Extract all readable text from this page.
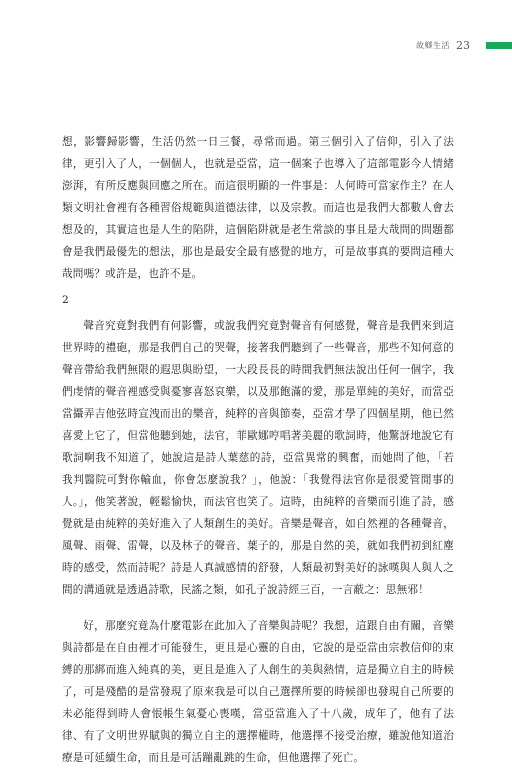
故鄉生活 23

想，影響歸影響，生活仍然一日三餐，尋常而過。第三個引入了信仰，引入了法律，更引入了人，一個個人，也就是亞當，這一個案子也導入了這部電影今人情緒澎湃，有所反應與回應之所在。而這很明顯的一件事是：人何時可當家作主？在人類文明社會裡有各種習俗規範與道德法律，以及宗教。而這也是我們大都數人會去想及的，其實這也是人生的陷阱，這個陷阱就是老生常談的事且是大哉問的問題都會是我們最優先的想法，那也是最安全最有感覺的地方，可是故事真的要問這種大哉問嗎？或許是，也許不是。

2

聲音究竟對我們有何影響，或說我們究竟對聲音有何感覺，聲音是我們來到這世界時的禮砲，那是我們自己的哭聲，接著我們聽到了一些聲音，那些不知何意的聲音帶給我們無限的遐思與盼望，一大段長長的時間我們無法說出任何一個字，我們虔情的聲音裡感受與憂寥喜怒哀樂，以及那飽滿的愛，那是單純的美好，而當亞當攝弄吉他弦時宣洩而出的樂音，純粹的音與節奏，亞當才學了四個星期，他已然喜愛上它了，但當他聽到她，法官，菲歐娜哼唱著美麗的歌詞時，他驚訝地說它有歌詞啊我不知道了，她說這是詩人葉慈的詩，亞當異常的興奮，而她問了他，「若我判醫院可對你輸血，你會怎麼說我？」，他說：「我覺得法官你是很愛管閒事的人。」，他笑著說，輕鬆愉快，而法官也笑了。這時，由純粹的音樂而引進了詩，感覺就是由純粹的美好進入了人類創生的美好。音樂是聲音，如自然裡的各種聲音，風聲、雨聲、雷聲，以及林子的聲音、葉子的，那是自然的美，就如我們初到紅塵時的感受，然而詩呢？詩是人真誠感情的舒發，人類最初對美好的詠嘆與人與人之間的溝通就是透過詩歌，民謠之類，如孔子說詩經三百，一言蔽之：思無邪！

好，那麼究竟為什麼電影在此加入了音樂與詩呢？我想，這跟自由有關，音樂與詩都是在自由裡才可能發生，更且是心靈的自由，它說的是亞當由宗教信仰的束縛的那綁而進入純真的美，更且是進入了人創生的美與熱情，這是獨立自主的時候了，可是殘酷的是當發現了原來我是可以自己選擇所要的時候卻也發現自己所要的未必能得到時人會悵帳生氣憂心喪嘆，當亞當進入了十八歲，成年了，他有了法律、有了文明世界賦與的獨立自主的選擇權時，他選擇不接受治療，雖說他知道治療是可延續生命，而且是可活蹦亂跳的生命，但他選擇了死亡。
